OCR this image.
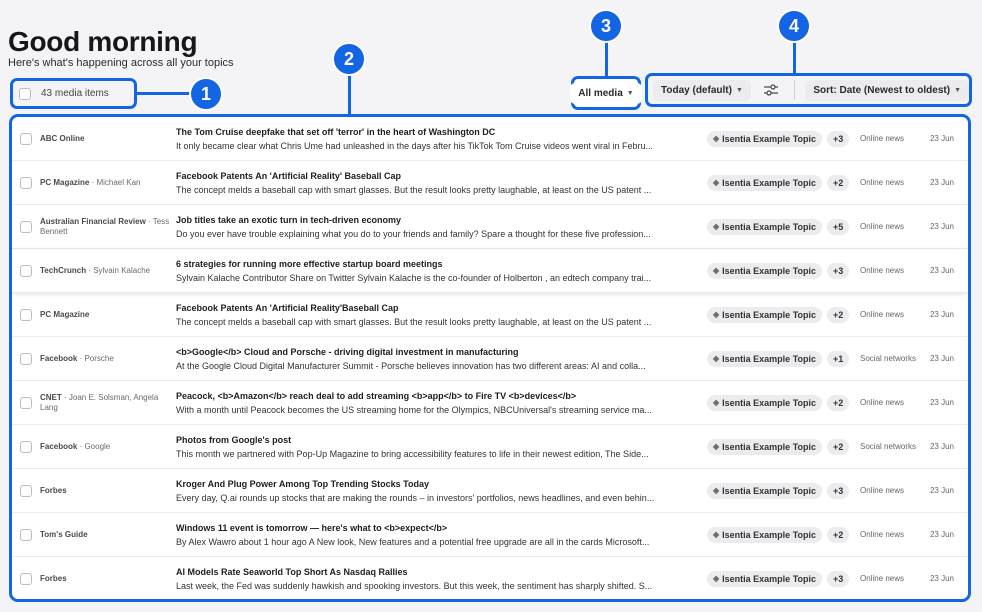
Good morning
Here's what's happening across all your topics
43 media items	All media ▼	Today (default) ▼	Sort: Date (Newest to oldest) ▼
ABC Online
The Tom Cruise deepfake that set off 'terror' in the heart of Washington DC
It only became clear what Chris Ume had unleashed in the days after his TikTok Tom Cruise videos went viral in Febru...
◈ Isentia Example Topic	+3	Online news	23 Jun
PC Magazine · Michael Kan
Facebook Patents An 'Artificial Reality' Baseball Cap
The concept melds a baseball cap with smart glasses. But the result looks pretty laughable, at least on the US patent ...
◈ Isentia Example Topic	+2	Online news	23 Jun
Australian Financial Review · Tess Bennett
Job titles take an exotic turn in tech-driven economy
Do you ever have trouble explaining what you do to your friends and family? Spare a thought for these five profession...
◈ Isentia Example Topic	+5	Online news	23 Jun
TechCrunch · Sylvain Kalache
6 strategies for running more effective startup board meetings
Sylvain Kalache Contributor Share on Twitter Sylvain Kalache is the co-founder of Holberton , an edtech company trai...
◈ Isentia Example Topic	+3	Online news	23 Jun
PC Magazine
Facebook Patents An 'Artificial Reality'Baseball Cap
The concept melds a baseball cap with smart glasses. But the result looks pretty laughable, at least on the US patent ...
◈ Isentia Example Topic	+2	Online news	23 Jun
Facebook · Porsche
<b>Google</b> Cloud and Porsche - driving digital investment in manufacturing
At the Google Cloud Digital Manufacturer Summit - Porsche believes innovation has two different areas: AI and colla...
◈ Isentia Example Topic	+1	Social networks 23 Jun
CNET · Joan E. Solsman, Angela Lang
Peacock, <b>Amazon</b> reach deal to add streaming <b>app</b> to Fire TV <b>devices</b>
With a month until Peacock becomes the US streaming home for the Olympics, NBCUniversal's streaming service ma...
◈ Isentia Example Topic	+2	Online news	23 Jun
Facebook · Google
Photos from Google's post
This month we partnered with Pop-Up Magazine to bring accessibility features to life in their newest edition, The Side...
◈ Isentia Example Topic	+2	Social networks 23 Jun
Forbes
Kroger And Plug Power Among Top Trending Stocks Today
Every day, Q.ai rounds up stocks that are making the rounds – in investors' portfolios, news headlines, and even behin...
◈ Isentia Example Topic	+3	Online news	23 Jun
Tom's Guide
Windows 11 event is tomorrow — here's what to <b>expect</b>
By Alex Wawro about 1 hour ago A New look, New features and a potential free upgrade are all in the cards Microsoft...
◈ Isentia Example Topic	+2	Online news	23 Jun
Forbes
AI Models Rate Seaworld Top Short As Nasdaq Rallies
Last week, the Fed was suddenly hawkish and spooking investors. But this week, the sentiment has sharply shifted. S...
◈ Isentia Example Topic	+3	Online news	23 Jun
1
2
3	4
